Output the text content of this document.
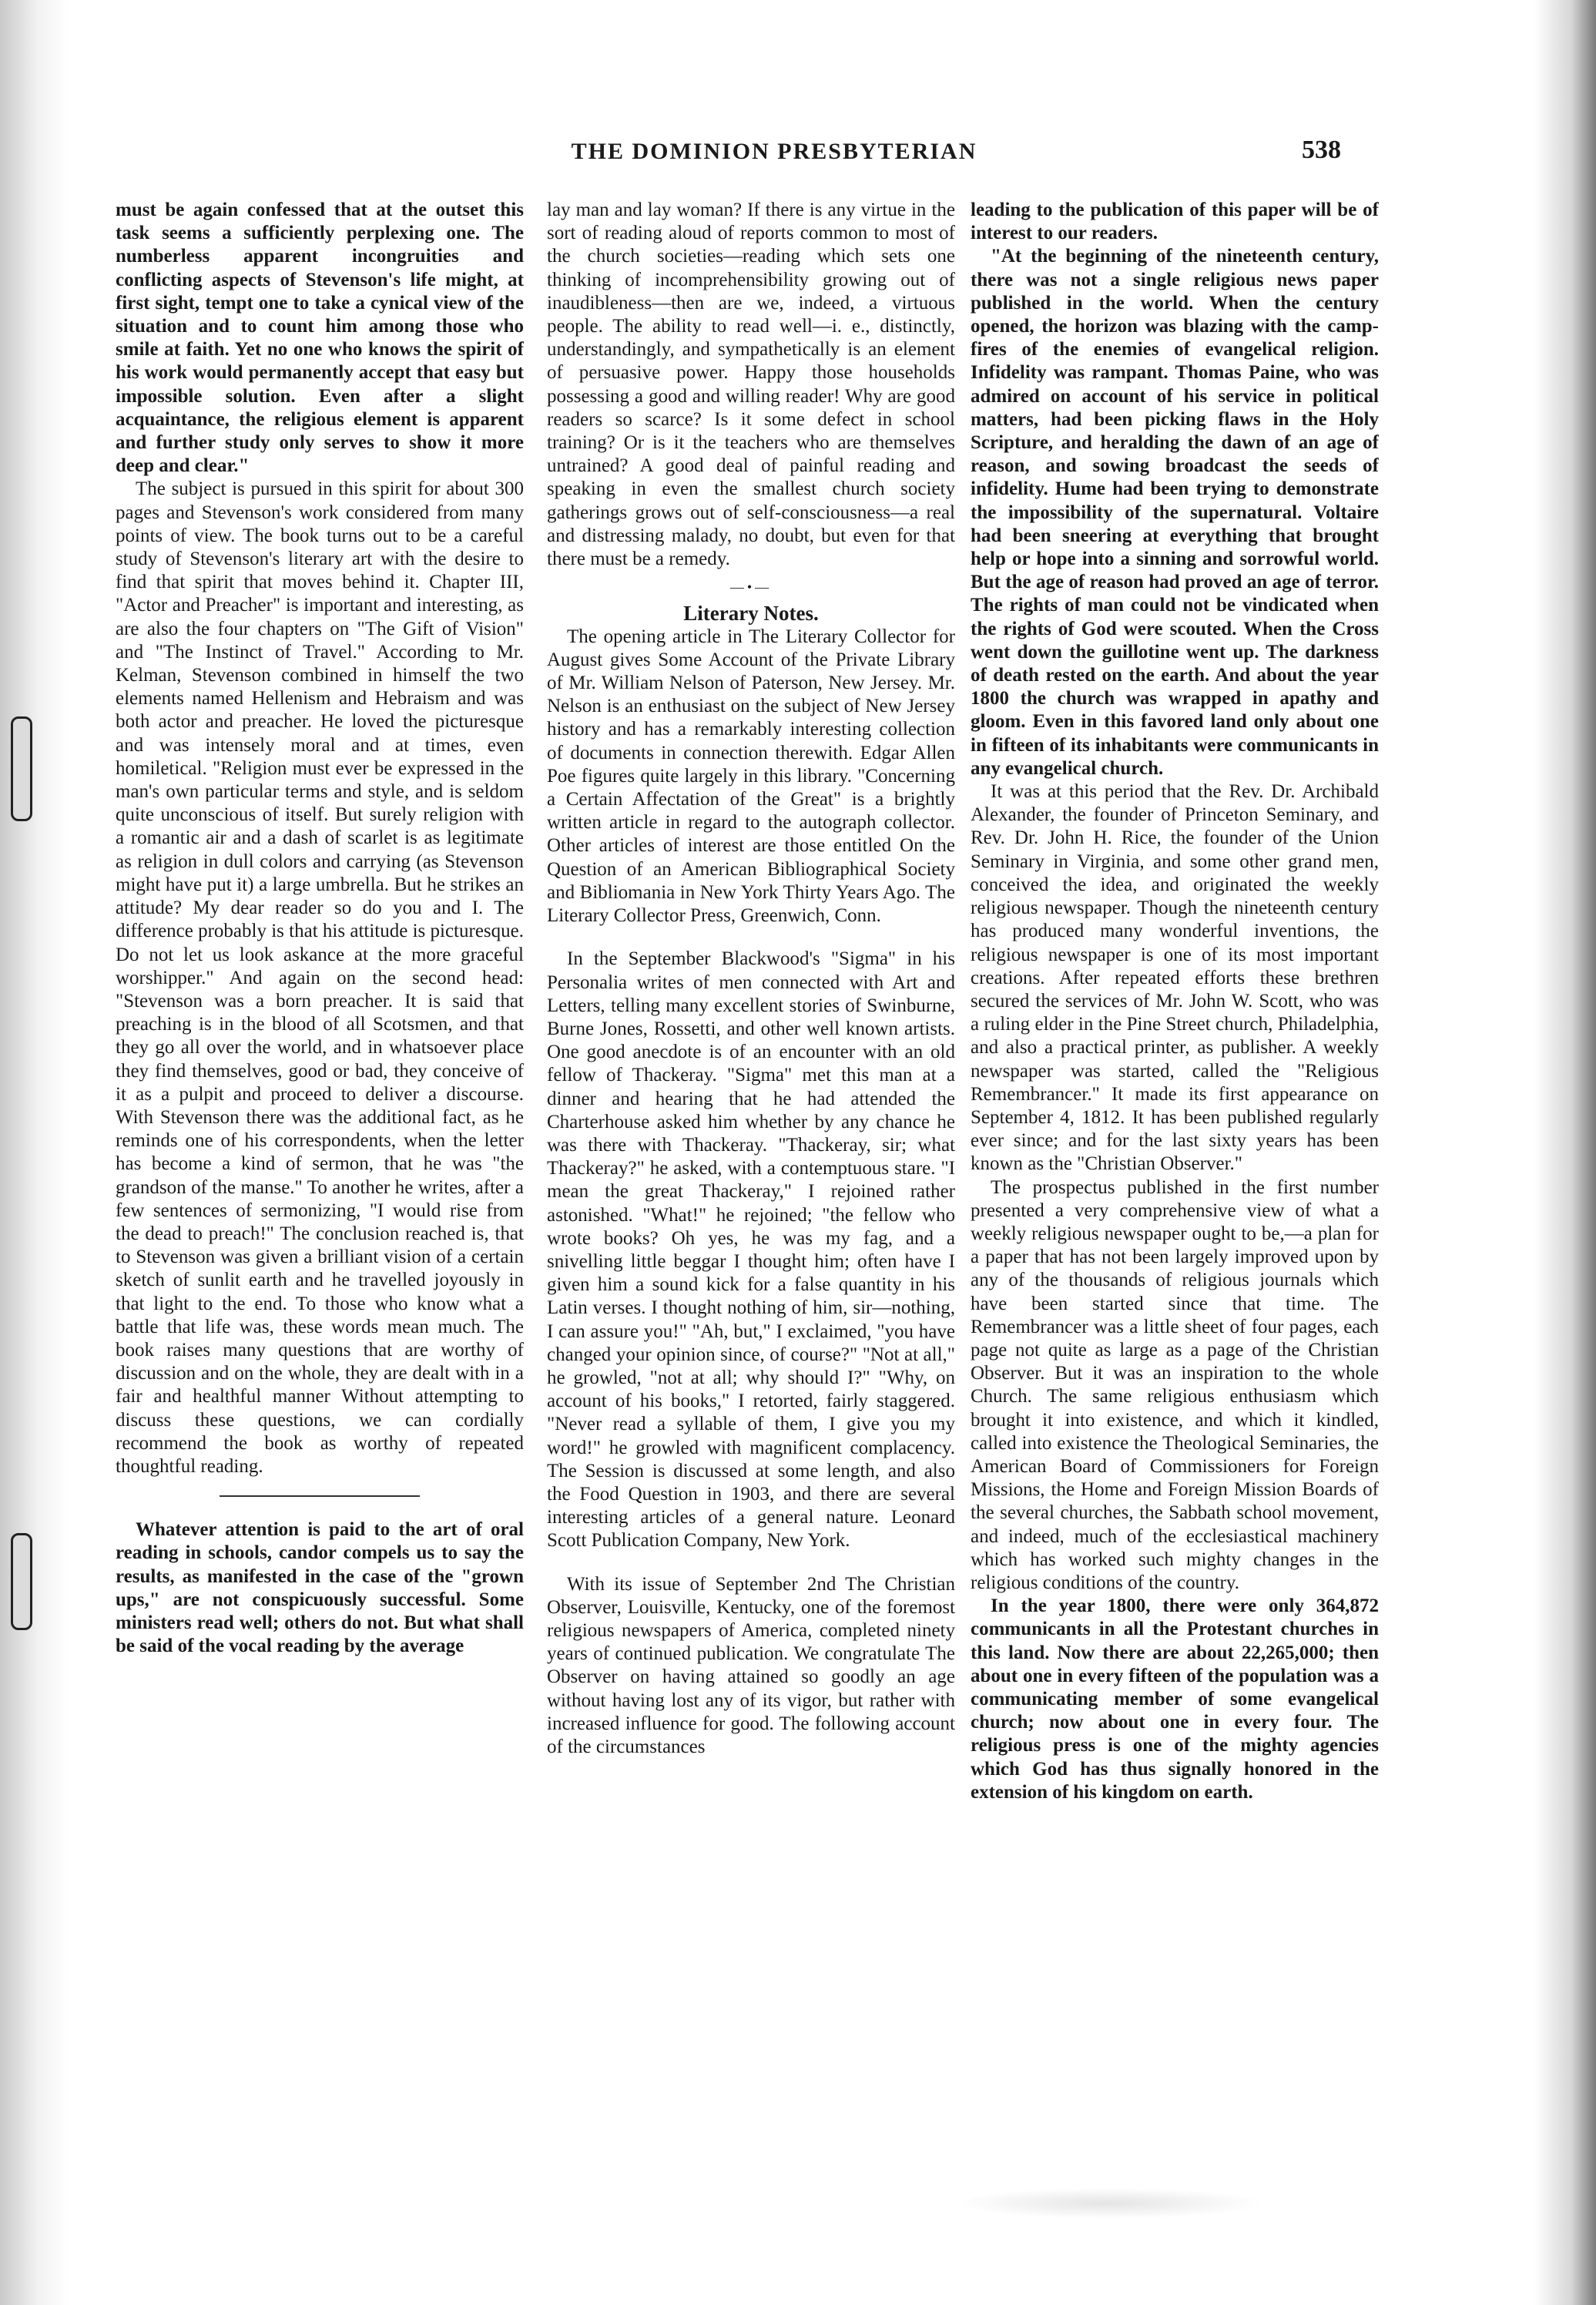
THE DOMINION PRESBYTERIAN	538

must be again confessed that at the outset this task seems a sufficiently perplexing one. The numberless apparent incongruities and conflicting aspects of Stevenson's life might, at first sight, tempt one to take a cynical view of the situation and to count him among those who smile at faith. Yet no one who knows the spirit of his work would permanently accept that easy but impossible solution. Even after a slight acquaintance, the religious element is apparent and further study only serves to show it more deep and clear."

The subject is pursued in this spirit for about 300 pages and Stevenson's work considered from many points of view. The book turns out to be a careful study of Stevenson's literary art with the desire to find that spirit that moves behind it. Chapter III, "Actor and Preacher" is important and interesting, as are also the four chapters on "The Gift of Vision" and "The Instinct of Travel." According to Mr. Kelman, Stevenson combined in himself the two elements named Hellenism and Hebraism and was both actor and preacher. He loved the picturesque and was intensely moral and at times, even homiletical. "Religion must ever be expressed in the man's own particular terms and style, and is seldom quite unconscious of itself. But surely religion with a romantic air and a dash of scarlet is as legitimate as religion in dull colors and carrying (as Stevenson might have put it) a large umbrella. But he strikes an attitude? My dear reader so do you and I. The difference probably is that his attitude is picturesque. Do not let us look askance at the more graceful worshipper." And again on the second head: "Stevenson was a born preacher. It is said that preaching is in the blood of all Scotsmen, and that they go all over the world, and in whatsoever place they find themselves, good or bad, they conceive of it as a pulpit and proceed to deliver a discourse. With Stevenson there was the additional fact, as he reminds one of his correspondents, when the letter has become a kind of sermon, that he was "the grandson of the manse." To another he writes, after a few sentences of sermonizing, "I would rise from the dead to preach!" The conclusion reached is, that to Stevenson was given a brilliant vision of a certain sketch of sunlit earth and he travelled joyously in that light to the end. To those who know what a battle that life was, these words mean much. The book raises many questions that are worthy of discussion and on the whole, they are dealt with in a fair and healthful manner Without attempting to discuss these questions, we can cordially recommend the book as worthy of repeated thoughtful reading.

Whatever attention is paid to the art of oral reading in schools, candor compels us to say the results, as manifested in the case of the "grown ups," are not conspicuously successful. Some ministers read well; others do not. But what shall be said of the vocal reading by the average

lay man and lay woman? If there is any virtue in the sort of reading aloud of reports common to most of the church societies—reading which sets one thinking of incomprehensibility growing out of inaudibleness—then are we, indeed, a virtuous people. The ability to read well—i. e., distinctly, understandingly, and sympathetically is an element of persuasive power. Happy those households possessing a good and willing reader! Why are good readers so scarce? Is it some defect in school training? Or is it the teachers who are themselves untrained? A good deal of painful reading and speaking in even the smallest church society gatherings grows out of self-consciousness—a real and distressing malady, no doubt, but even for that there must be a remedy.

—•—

Literary Notes.

The opening article in The Literary Collector for August gives Some Account of the Private Library of Mr. William Nelson of Paterson, New Jersey. Mr. Nelson is an enthusiast on the subject of New Jersey history and has a remarkably interesting collection of documents in connection therewith. Edgar Allen Poe figures quite largely in this library. "Concerning a Certain Affectation of the Great" is a brightly written article in regard to the autograph collector. Other articles of interest are those entitled On the Question of an American Bibliographical Society and Bibliomania in New York Thirty Years Ago. The Literary Collector Press, Greenwich, Conn.

In the September Blackwood's "Sigma" in his Personalia writes of men connected with Art and Letters, telling many excellent stories of Swinburne, Burne Jones, Rossetti, and other well known artists. One good anecdote is of an encounter with an old fellow of Thackeray. "Sigma" met this man at a dinner and hearing that he had attended the Charterhouse asked him whether by any chance he was there with Thackeray. "Thackeray, sir; what Thackeray?" he asked, with a contemptuous stare. "I mean the great Thackeray," I rejoined rather astonished. "What!" he rejoined; "the fellow who wrote books? Oh yes, he was my fag, and a snivelling little beggar I thought him; often have I given him a sound kick for a false quantity in his Latin verses. I thought nothing of him, sir—nothing, I can assure you!" "Ah, but," I exclaimed, "you have changed your opinion since, of course?" "Not at all," he growled, "not at all; why should I?" "Why, on account of his books," I retorted, fairly staggered. "Never read a syllable of them, I give you my word!" he growled with magnificent complacency. The Session is discussed at some length, and also the Food Question in 1903, and there are several interesting articles of a general nature. Leonard Scott Publication Company, New York.

With its issue of September 2nd The Christian Observer, Louisville, Kentucky, one of the foremost religious newspapers of America, completed ninety years of continued publication. We congratulate The Observer on having attained so goodly an age without having lost any of its vigor, but rather with increased influence for good. The following account of the circumstances

leading to the publication of this paper will be of interest to our readers.

"At the beginning of the nineteenth century, there was not a single religious news paper published in the world. When the century opened, the horizon was blazing with the camp-fires of the enemies of evangelical religion. Infidelity was rampant. Thomas Paine, who was admired on account of his service in political matters, had been picking flaws in the Holy Scripture, and heralding the dawn of an age of reason, and sowing broadcast the seeds of infidelity. Hume had been trying to demonstrate the impossibility of the supernatural. Voltaire had been sneering at everything that brought help or hope into a sinning and sorrowful world. But the age of reason had proved an age of terror. The rights of man could not be vindicated when the rights of God were scouted. When the Cross went down the guillotine went up. The darkness of death rested on the earth. And about the year 1800 the church was wrapped in apathy and gloom. Even in this favored land only about one in fifteen of its inhabitants were communicants in any evangelical church.

It was at this period that the Rev. Dr. Archibald Alexander, the founder of Princeton Seminary, and Rev. Dr. John H. Rice, the founder of the Union Seminary in Virginia, and some other grand men, conceived the idea, and originated the weekly religious newspaper. Though the nineteenth century has produced many wonderful inventions, the religious newspaper is one of its most important creations. After repeated efforts these brethren secured the services of Mr. John W. Scott, who was a ruling elder in the Pine Street church, Philadelphia, and also a practical printer, as publisher. A weekly newspaper was started, called the "Religious Remembrancer." It made its first appearance on September 4, 1812. It has been published regularly ever since; and for the last sixty years has been known as the "Christian Observer."

The prospectus published in the first number presented a very comprehensive view of what a weekly religious newspaper ought to be,—a plan for a paper that has not been largely improved upon by any of the thousands of religious journals which have been started since that time. The Remembrancer was a little sheet of four pages, each page not quite as large as a page of the Christian Observer. But it was an inspiration to the whole Church. The same religious enthusiasm which brought it into existence, and which it kindled, called into existence the Theological Seminaries, the American Board of Commissioners for Foreign Missions, the Home and Foreign Mission Boards of the several churches, the Sabbath school movement, and indeed, much of the ecclesiastical machinery which has worked such mighty changes in the religious conditions of the country.

In the year 1800, there were only 364,872 communicants in all the Protestant churches in this land. Now there are about 22,265,000; then about one in every fifteen of the population was a communicating member of some evangelical church; now about one in every four. The religious press is one of the mighty agencies which God has thus signally honored in the extension of his kingdom on earth.
